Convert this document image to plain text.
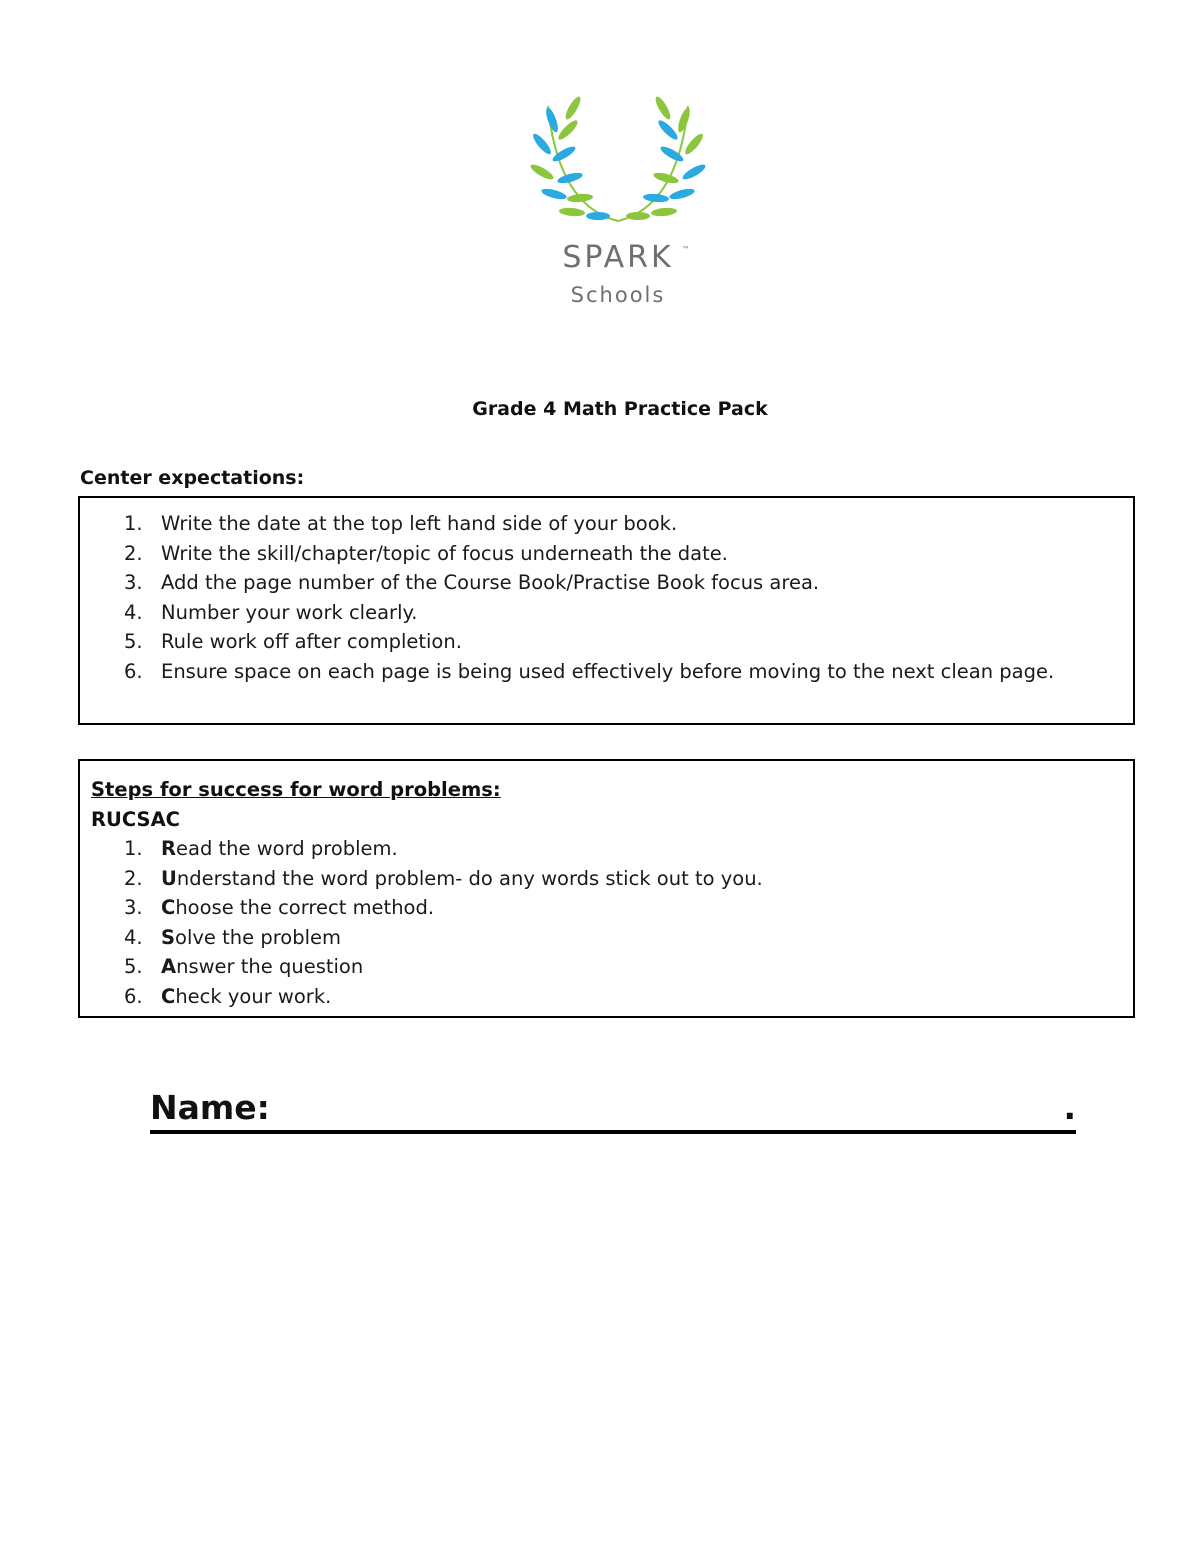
SPARK	™
Schools
Grade 4 Math Practice Pack
Center expectations:
1. Write the date at the top left hand side of your book.
2. Write the skill/chapter/topic of focus underneath the date.
3. Add the page number of the Course Book/Practise Book focus area.
4. Number your work clearly.
5. Rule work off after completion.
6. Ensure space on each page is being used effectively before moving to the next clean page.
Steps for success for word problems:
RUCSAC
1. Read the word problem.
2. Understand the word problem- do any words stick out to you.
3. Choose the correct method.
4. Solve the problem
5. Answer the question
6. Check your work.
Name:	.
